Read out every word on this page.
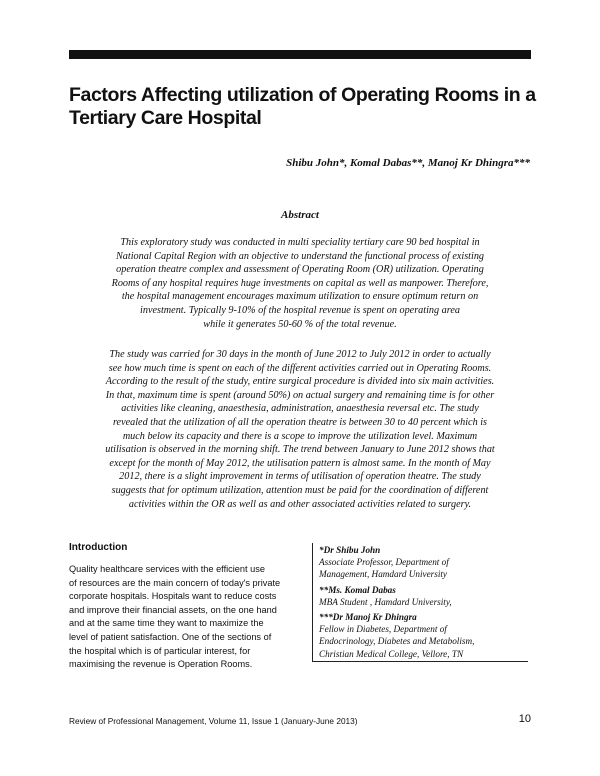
Factors Affecting utilization of Operating Rooms in a Tertiary Care Hospital
Shibu John*, Komal Dabas**, Manoj Kr Dhingra***
Abstract

This exploratory study was conducted in multi speciality tertiary care 90 bed hospital in
National Capital Region with an objective to understand the functional process of existing
operation theatre complex and assessment of Operating Room (OR) utilization. Operating
Rooms of any hospital requires huge investments on capital as well as manpower. Therefore,
the hospital management encourages maximum utilization to ensure optimum return on
investment. Typically 9-10% of the hospital revenue is spent on operating area
while it generates 50-60 % of the total revenue.

The study was carried for 30 days in the month of June 2012 to July 2012 in order to actually
see how much time is spent on each of the different activities carried out in Operating Rooms.
According to the result of the study, entire surgical procedure is divided into six main activities.
In that, maximum time is spent (around 50%) on actual surgery and remaining time is for other
activities like cleaning, anaesthesia, administration, anaesthesia reversal etc. The study
revealed that the utilization of all the operation theatre is between 30 to 40 percent which is
much below its capacity and there is a scope to improve the utilization level. Maximum
utilisation is observed in the morning shift. The trend between January to June 2012 shows that
except for the month of May 2012, the utilisation pattern is almost same. In the month of May
2012, there is a slight improvement in terms of utilisation of operation theatre. The study
suggests that for optimum utilization, attention must be paid for the coordination of different
activities within the OR as well as and other associated activities related to surgery.

Introduction

Quality healthcare services with the efficient use
of resources are the main concern of today's private
corporate hospitals. Hospitals want to reduce costs
and improve their financial assets, on the one hand
and at the same time they want to maximize the
level of patient satisfaction. One of the sections of
the hospital which is of particular interest, for
maximising the revenue is Operation Rooms.

*Dr Shibu John
Associate Professor, Department of
Management, Hamdard University
**Ms. Komal Dabas
MBA Student , Hamdard University,
***Dr Manoj Kr Dhingra
Fellow in Diabetes, Department of
Endocrinology, Diabetes and Metabolism,
Christian Medical College, Vellore, TN
Review of Professional Management, Volume 11, Issue 1 (January-June 2013)	10
